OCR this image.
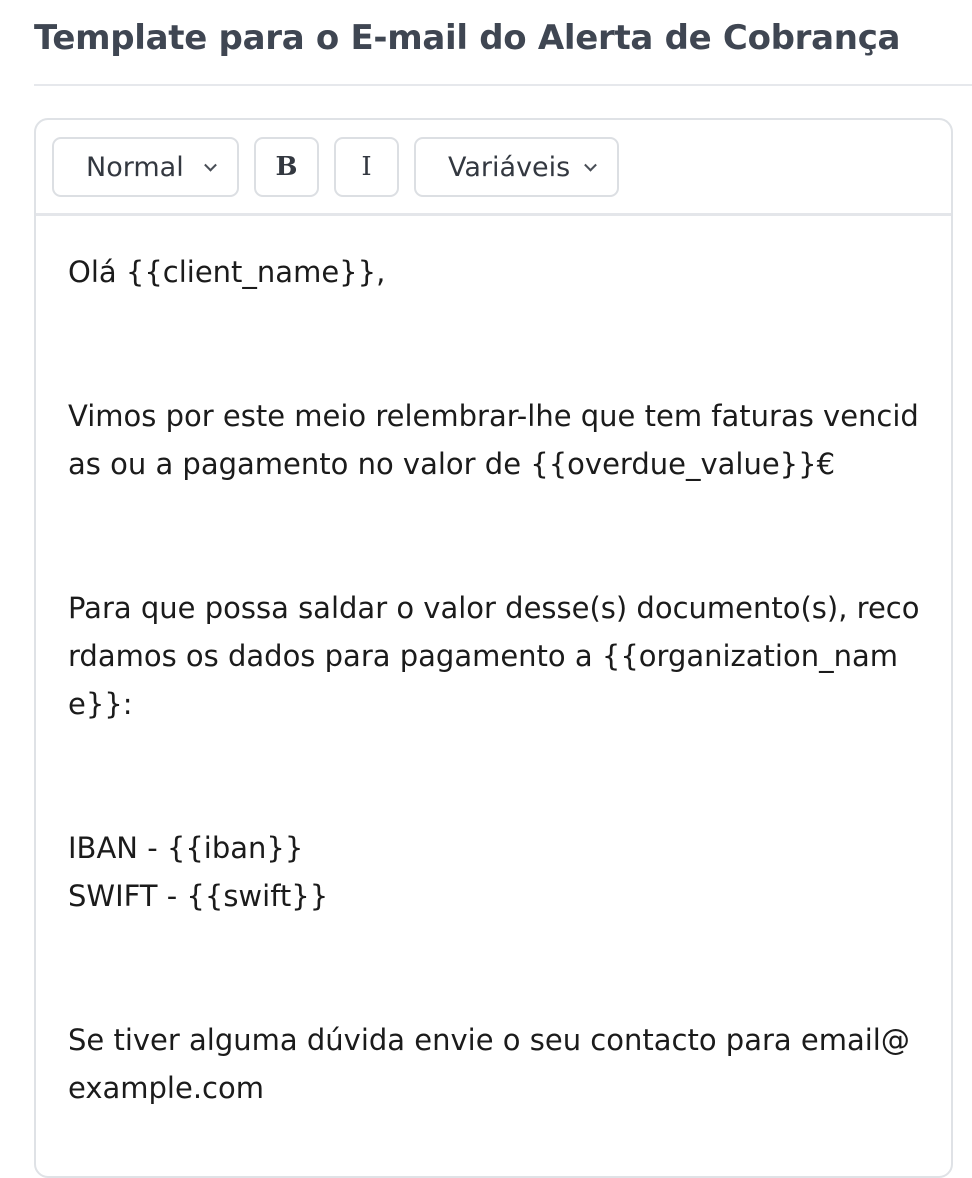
Template para o E-mail do Alerta de Cobrança
Normal	B	I	Variáveis

Olá {{client_name}},

Vimos por este meio relembrar-lhe que tem faturas vencidas ou a pagamento no valor de {{overdue_value}}€

Para que possa saldar o valor desse(s) documento(s), recordamos os dados para pagamento a {{organization_name}}:

IBAN - {{iban}}

SWIFT - {{swift}}

Se tiver alguma dúvida envie o seu contacto para email@example.com
